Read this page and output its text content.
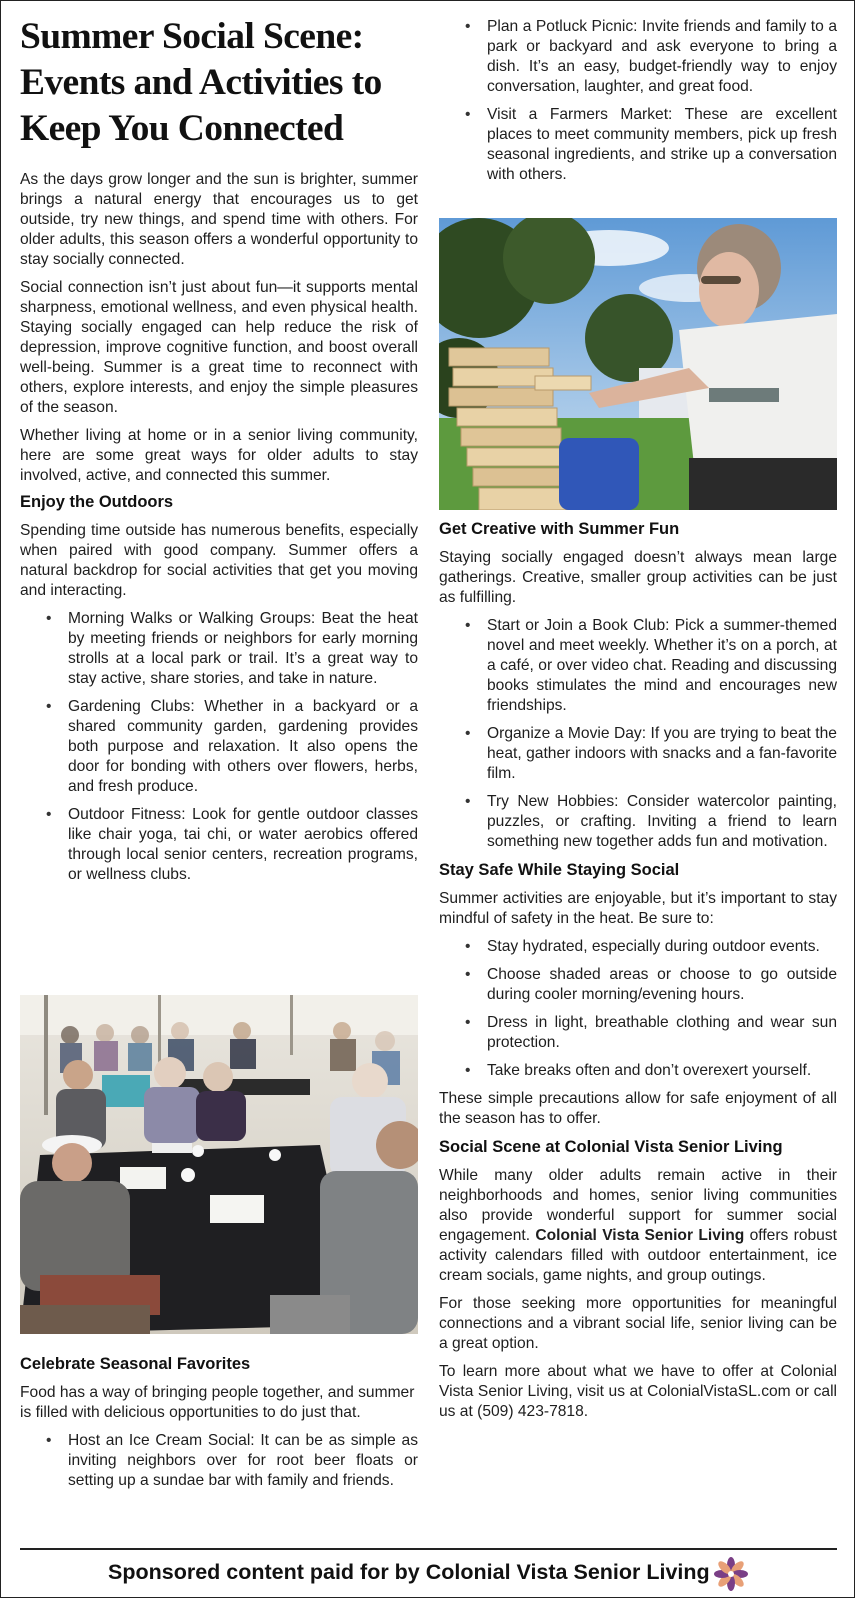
Summer Social Scene: Events and Activities to Keep You Connected

As the days grow longer and the sun is brighter, summer brings a natural energy that encourages us to get outside, try new things, and spend time with others. For older adults, this season offers a wonderful opportunity to stay socially connected.

Social connection isn’t just about fun—it supports mental sharpness, emotional wellness, and even physical health. Staying socially engaged can help reduce the risk of depression, improve cognitive function, and boost overall well-being. Summer is a great time to reconnect with others, explore interests, and enjoy the simple pleasures of the season.

Whether living at home or in a senior living community, here are some great ways for older adults to stay involved, active, and connected this summer.

Enjoy the Outdoors

Spending time outside has numerous benefits, especially when paired with good company. Summer offers a natural backdrop for social activities that get you moving and interacting.

• Morning Walks or Walking Groups: Beat the heat by meeting friends or neighbors for early morning strolls at a local park or trail. It’s a great way to stay active, share stories, and take in nature.
• Gardening Clubs: Whether in a backyard or a shared community garden, gardening provides both purpose and relaxation. It also opens the door for bonding with others over flowers, herbs, and fresh produce.
• Outdoor Fitness: Look for gentle outdoor classes like chair yoga, tai chi, or water aerobics offered through local senior centers, recreation programs, or wellness clubs.
Celebrate Seasonal Favorites

Food has a way of bringing people together, and summer is filled with delicious opportunities to do just that.

• Host an Ice Cream Social: It can be as simple as inviting neighbors over for root beer floats or setting up a sundae bar with family and friends.
• Plan a Potluck Picnic: Invite friends and family to a park or backyard and ask everyone to bring a dish. It’s an easy, budget-friendly way to enjoy conversation, laughter, and great food.
• Visit a Farmers Market: These are excellent places to meet community members, pick up fresh seasonal ingredients, and strike up a conversation with others.
Get Creative with Summer Fun

Staying socially engaged doesn’t always mean large gatherings. Creative, smaller group activities can be just as fulfilling.

• Start or Join a Book Club: Pick a summer-themed novel and meet weekly. Whether it’s on a porch, at a café, or over video chat. Reading and discussing books stimulates the mind and encourages new friendships.
• Organize a Movie Day: If you are trying to beat the heat, gather indoors with snacks and a fan-favorite film.
• Try New Hobbies: Consider watercolor painting, puzzles, or crafting. Inviting a friend to learn something new together adds fun and motivation.
Stay Safe While Staying Social

Summer activities are enjoyable, but it’s important to stay mindful of safety in the heat. Be sure to:

• Stay hydrated, especially during outdoor events.
• Choose shaded areas or choose to go outside during cooler morning/evening hours.
• Dress in light, breathable clothing and wear sun protection.
• Take breaks often and don’t overexert yourself.

These simple precautions allow for safe enjoyment of all the season has to offer.

Social Scene at Colonial Vista Senior Living

While many older adults remain active in their neighborhoods and homes, senior living communities also provide wonderful support for summer social engagement. Colonial Vista Senior Living offers robust activity calendars filled with outdoor entertainment, ice cream socials, game nights, and group outings.

For those seeking more opportunities for meaningful connections and a vibrant social life, senior living can be a great option.

To learn more about what we have to offer at Colonial Vista Senior Living, visit us at ColonialVistaSL.com or call us at (509) 423-7818.

Sponsored content paid for by Colonial Vista Senior Living
